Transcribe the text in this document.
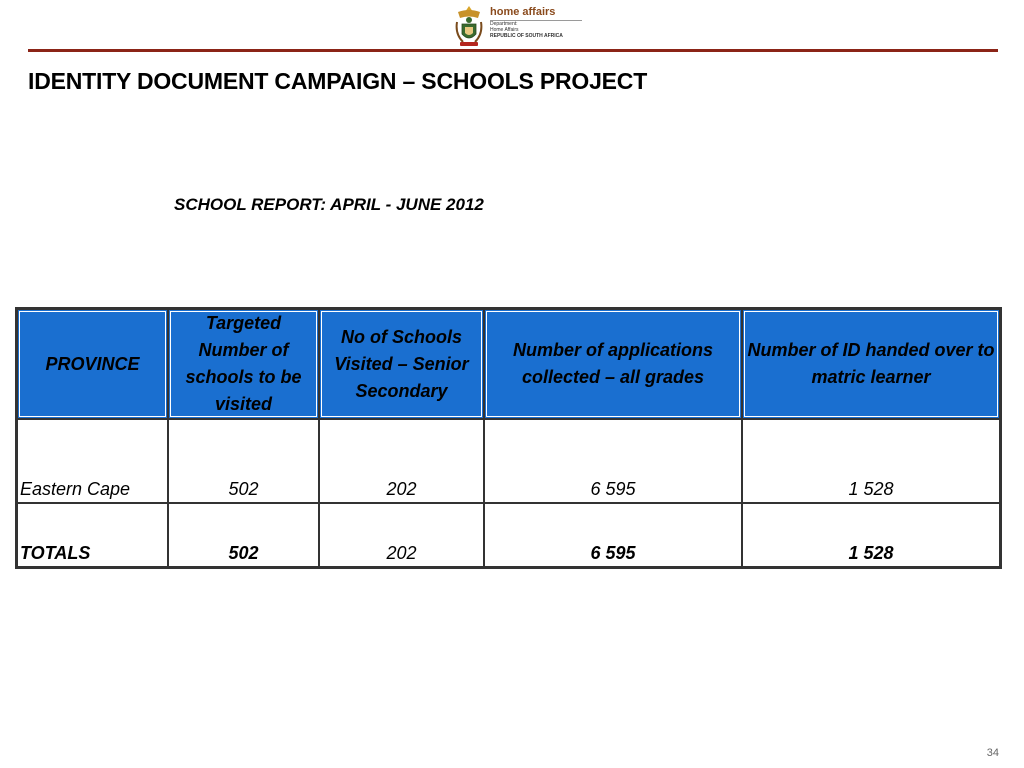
home affairs
Department:
Home Affairs
REPUBLIC OF SOUTH AFRICA
IDENTITY DOCUMENT CAMPAIGN – SCHOOLS PROJECT
SCHOOL REPORT: APRIL - JUNE 2012
PROVINCE	Targeted Number of schools to be visited	No of Schools Visited – Senior Secondary	Number of applications collected – all grades	Number of ID handed over to matric learner
Eastern Cape	502	202	6 595	1 528
TOTALS	502	202	6 595	1 528
34
